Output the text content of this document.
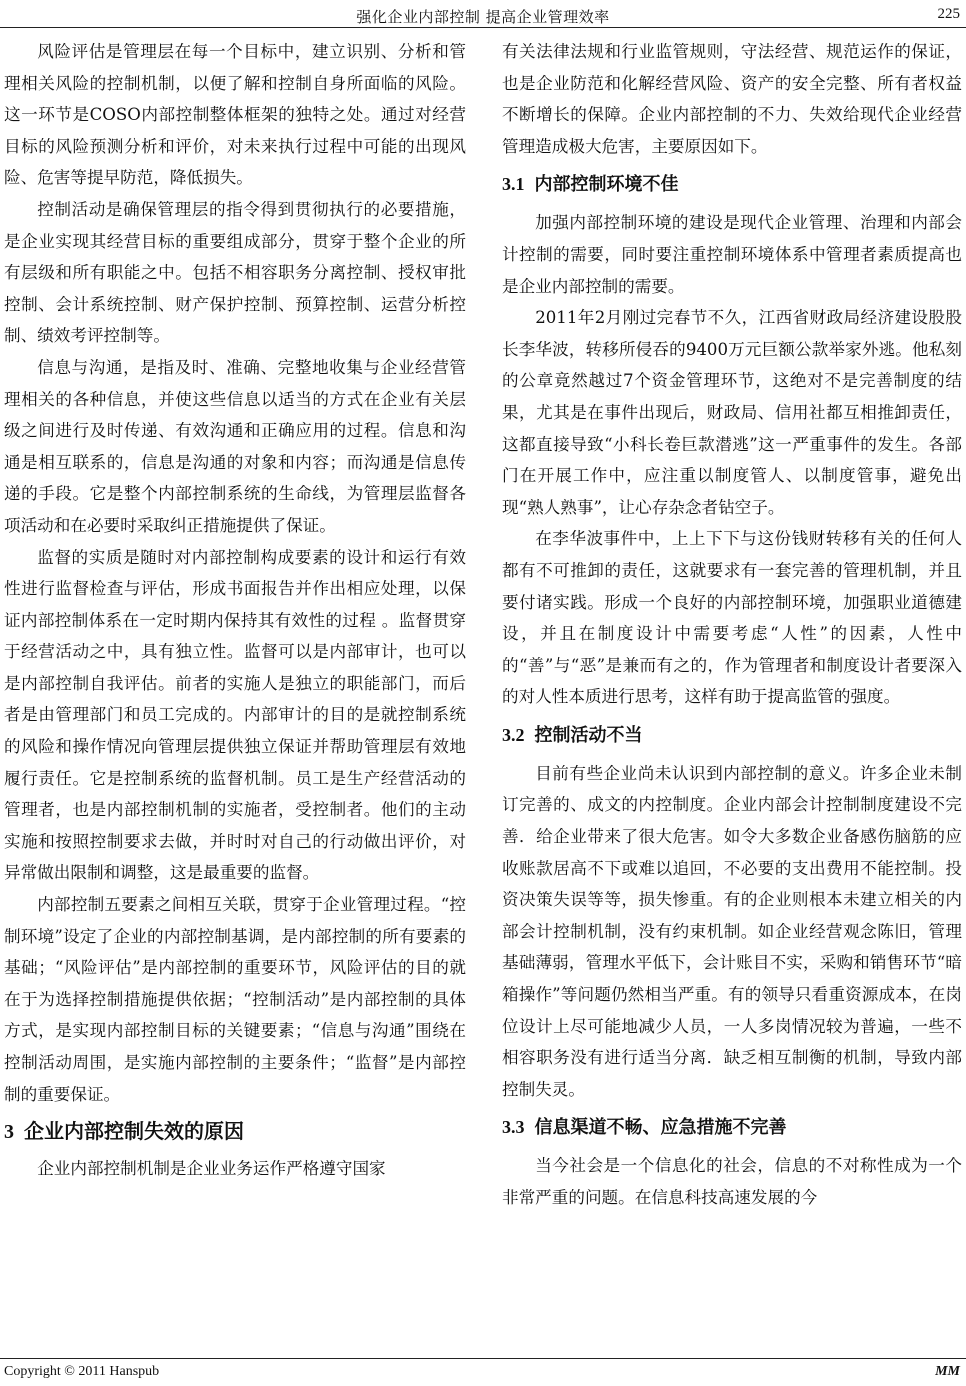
强化企业内部控制 提高企业管理效率	225

风险评估是管理层在每一个目标中，建立识别、分析和管理相关风险的控制机制，以便了解和控制自身所面临的风险。这一环节是COSO内部控制整体框架的独特之处。通过对经营目标的风险预测分析和评价，对未来执行过程中可能的出现风险、危害等提早防范，降低损失。

控制活动是确保管理层的指令得到贯彻执行的必要措施，是企业实现其经营目标的重要组成部分，贯穿于整个企业的所有层级和所有职能之中。包括不相容职务分离控制、授权审批控制、会计系统控制、财产保护控制、预算控制、运营分析控制、绩效考评控制等。

信息与沟通，是指及时、准确、完整地收集与企业经营管理相关的各种信息，并使这些信息以适当的方式在企业有关层级之间进行及时传递、有效沟通和正确应用的过程。信息和沟通是相互联系的，信息是沟通的对象和内容；而沟通是信息传递的手段。它是整个内部控制系统的生命线，为管理层监督各项活动和在必要时采取纠正措施提供了保证。

监督的实质是随时对内部控制构成要素的设计和运行有效性进行监督检查与评估，形成书面报告并作出相应处理，以保证内部控制体系在一定时期内保持其有效性的过程 。监督贯穿于经营活动之中，具有独立性。监督可以是内部审计，也可以是内部控制自我评估。前者的实施人是独立的职能部门，而后者是由管理部门和员工完成的。内部审计的目的是就控制系统的风险和操作情况向管理层提供独立保证并帮助管理层有效地履行责任。它是控制系统的监督机制。员工是生产经营活动的管理者，也是内部控制机制的实施者，受控制者。他们的主动实施和按照控制要求去做，并时时对自己的行动做出评价，对异常做出限制和调整，这是最重要的监督。

内部控制五要素之间相互关联，贯穿于企业管理过程。“控制环境”设定了企业的内部控制基调，是内部控制的所有要素的基础；“风险评估”是内部控制的重要环节，风险评估的目的就在于为选择控制措施提供依据；“控制活动”是内部控制的具体方式，是实现内部控制目标的关键要素；“信息与沟通”围绕在控制活动周围，是实施内部控制的主要条件；“监督”是内部控制的重要保证。

3 企业内部控制失效的原因

企业内部控制机制是企业业务运作严格遵守国家

有关法律法规和行业监管规则，守法经营、规范运作的保证，也是企业防范和化解经营风险、资产的安全完整、所有者权益不断增长的保障。企业内部控制的不力、失效给现代企业经营管理造成极大危害，主要原因如下。

3.1 内部控制环境不佳

加强内部控制环境的建设是现代企业管理、治理和内部会计控制的需要，同时要注重控制环境体系中管理者素质提高也是企业内部控制的需要。

2011年2月刚过完春节不久，江西省财政局经济建设股股长李华波，转移所侵吞的9400万元巨额公款举家外逃。他私刻的公章竟然越过7个资金管理环节，这绝对不是完善制度的结果，尤其是在事件出现后，财政局、信用社都互相推卸责任，这都直接导致“小科长卷巨款潜逃”这一严重事件的发生。各部门在开展工作中，应注重以制度管人、以制度管事，避免出现“熟人熟事”，让心存杂念者钻空子。

在李华波事件中，上上下下与这份钱财转移有关的任何人都有不可推卸的责任，这就要求有一套完善的管理机制，并且要付诸实践。形成一个良好的内部控制环境，加强职业道德建设，并且在制度设计中需要考虑“人性”的因素，人性中的“善”与“恶”是兼而有之的，作为管理者和制度设计者要深入的对人性本质进行思考，这样有助于提高监管的强度。

3.2 控制活动不当

目前有些企业尚未认识到内部控制的意义。许多企业未制订完善的、成文的内控制度。企业内部会计控制制度建设不完善．给企业带来了很大危害。如令大多数企业备感伤脑筋的应收账款居高不下或难以追回，不必要的支出费用不能控制。投资决策失误等等，损失惨重。有的企业则根本未建立相关的内部会计控制机制，没有约束机制。如企业经营观念陈旧，管理基础薄弱，管理水平低下，会计账目不实，采购和销售环节“暗箱操作”等问题仍然相当严重。有的领导只看重资源成本，在岗位设计上尽可能地减少人员，一人多岗情况较为普遍，一些不相容职务没有进行适当分离．缺乏相互制衡的机制，导致内部控制失灵。

3.3 信息渠道不畅、应急措施不完善

当今社会是一个信息化的社会，信息的不对称性成为一个非常严重的问题。在信息科技高速发展的今

Copyright © 2011 Hanspub	MM
